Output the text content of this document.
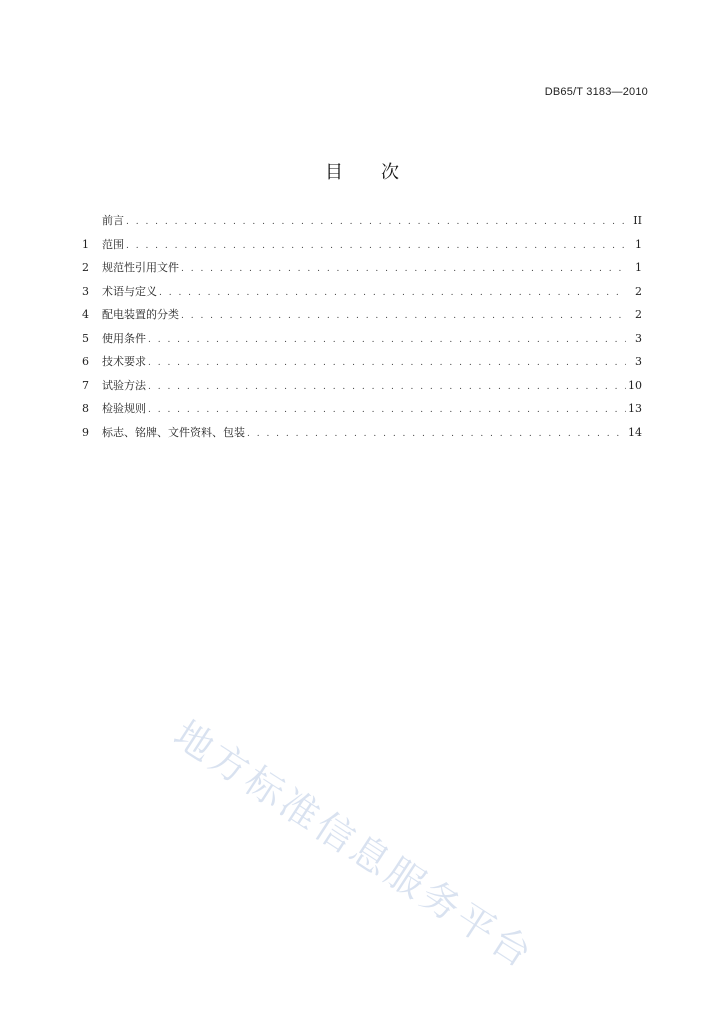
DB65/T 3183—2010
目次
前言 . . .	II
1	范围 . . .	1
2	规范性引用文件 . . .	1
3	术语与定义 . . .	2
4	配电装置的分类 . . .	2
5	使用条件 . . .	3
6	技术要求 . . .	3
7	试验方法 . . .	10
8	检验规则 . . .	13
9	标志、铭牌、文件资料、包装 . . .	14
地方标准信息服务平台
